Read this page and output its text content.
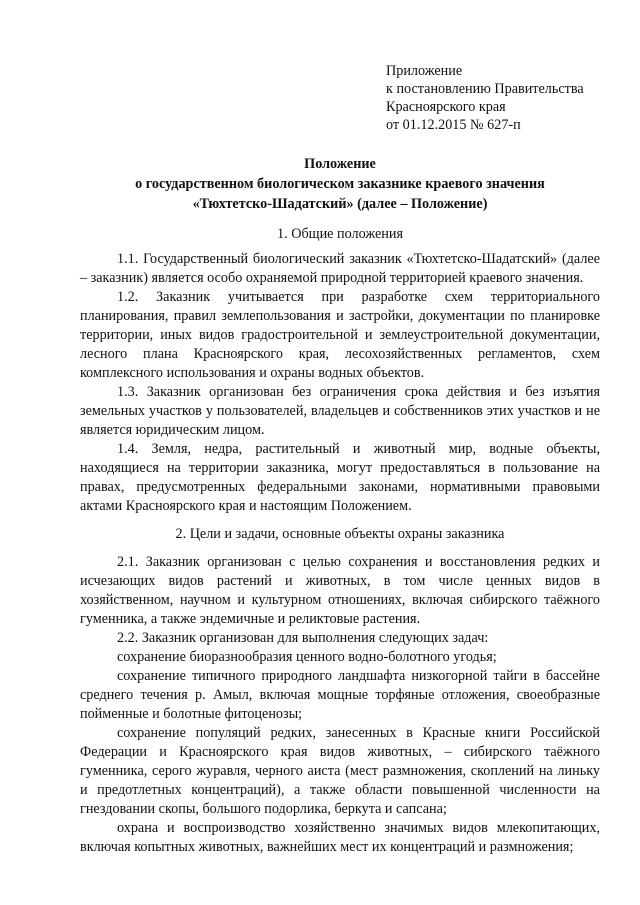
Приложение
к постановлению Правительства
Красноярского края
от 01.12.2015 № 627-п
Положение
о государственном биологическом заказнике краевого значения
«Тюхтетско-Шадатский» (далее – Положение)
1. Общие положения

1.1. Государственный биологический заказник «Тюхтетско-Шадатский» (далее – заказник) является особо охраняемой природной территорией краевого значения.

1.2. Заказник учитывается при разработке схем территориального планирования, правил землепользования и застройки, документации по планировке территории, иных видов градостроительной и землеустроительной документации, лесного плана Красноярского края, лесохозяйственных регламентов, схем комплексного использования и охраны водных объектов.

1.3. Заказник организован без ограничения срока действия и без изъятия земельных участков у пользователей, владельцев и собственников этих участков и не является юридическим лицом.

1.4. Земля, недра, растительный и животный мир, водные объекты, находящиеся на территории заказника, могут предоставляться в пользование на правах, предусмотренных федеральными законами, нормативными правовыми актами Красноярского края и настоящим Положением.

2. Цели и задачи, основные объекты охраны заказника

2.1. Заказник организован с целью сохранения и восстановления редких и исчезающих видов растений и животных, в том числе ценных видов в хозяйственном, научном и культурном отношениях, включая сибирского таёжного гуменника, а также эндемичные и реликтовые растения.

2.2. Заказник организован для выполнения следующих задач:

сохранение биоразнообразия ценного водно-болотного угодья;

сохранение типичного природного ландшафта низкогорной тайги в бассейне среднего течения р. Амыл, включая мощные торфяные отложения, своеобразные пойменные и болотные фитоценозы;

сохранение популяций редких, занесенных в Красные книги Российской Федерации и Красноярского края видов животных, – сибирского таёжного гуменника, серого журавля, черного аиста (мест размножения, скоплений на линьку и предотлетных концентраций), а также области повышенной численности на гнездовании скопы, большого подорлика, беркута и сапсана;

охрана и воспроизводство хозяйственно значимых видов млекопитающих, включая копытных животных, важнейших мест их концентраций и размножения;
